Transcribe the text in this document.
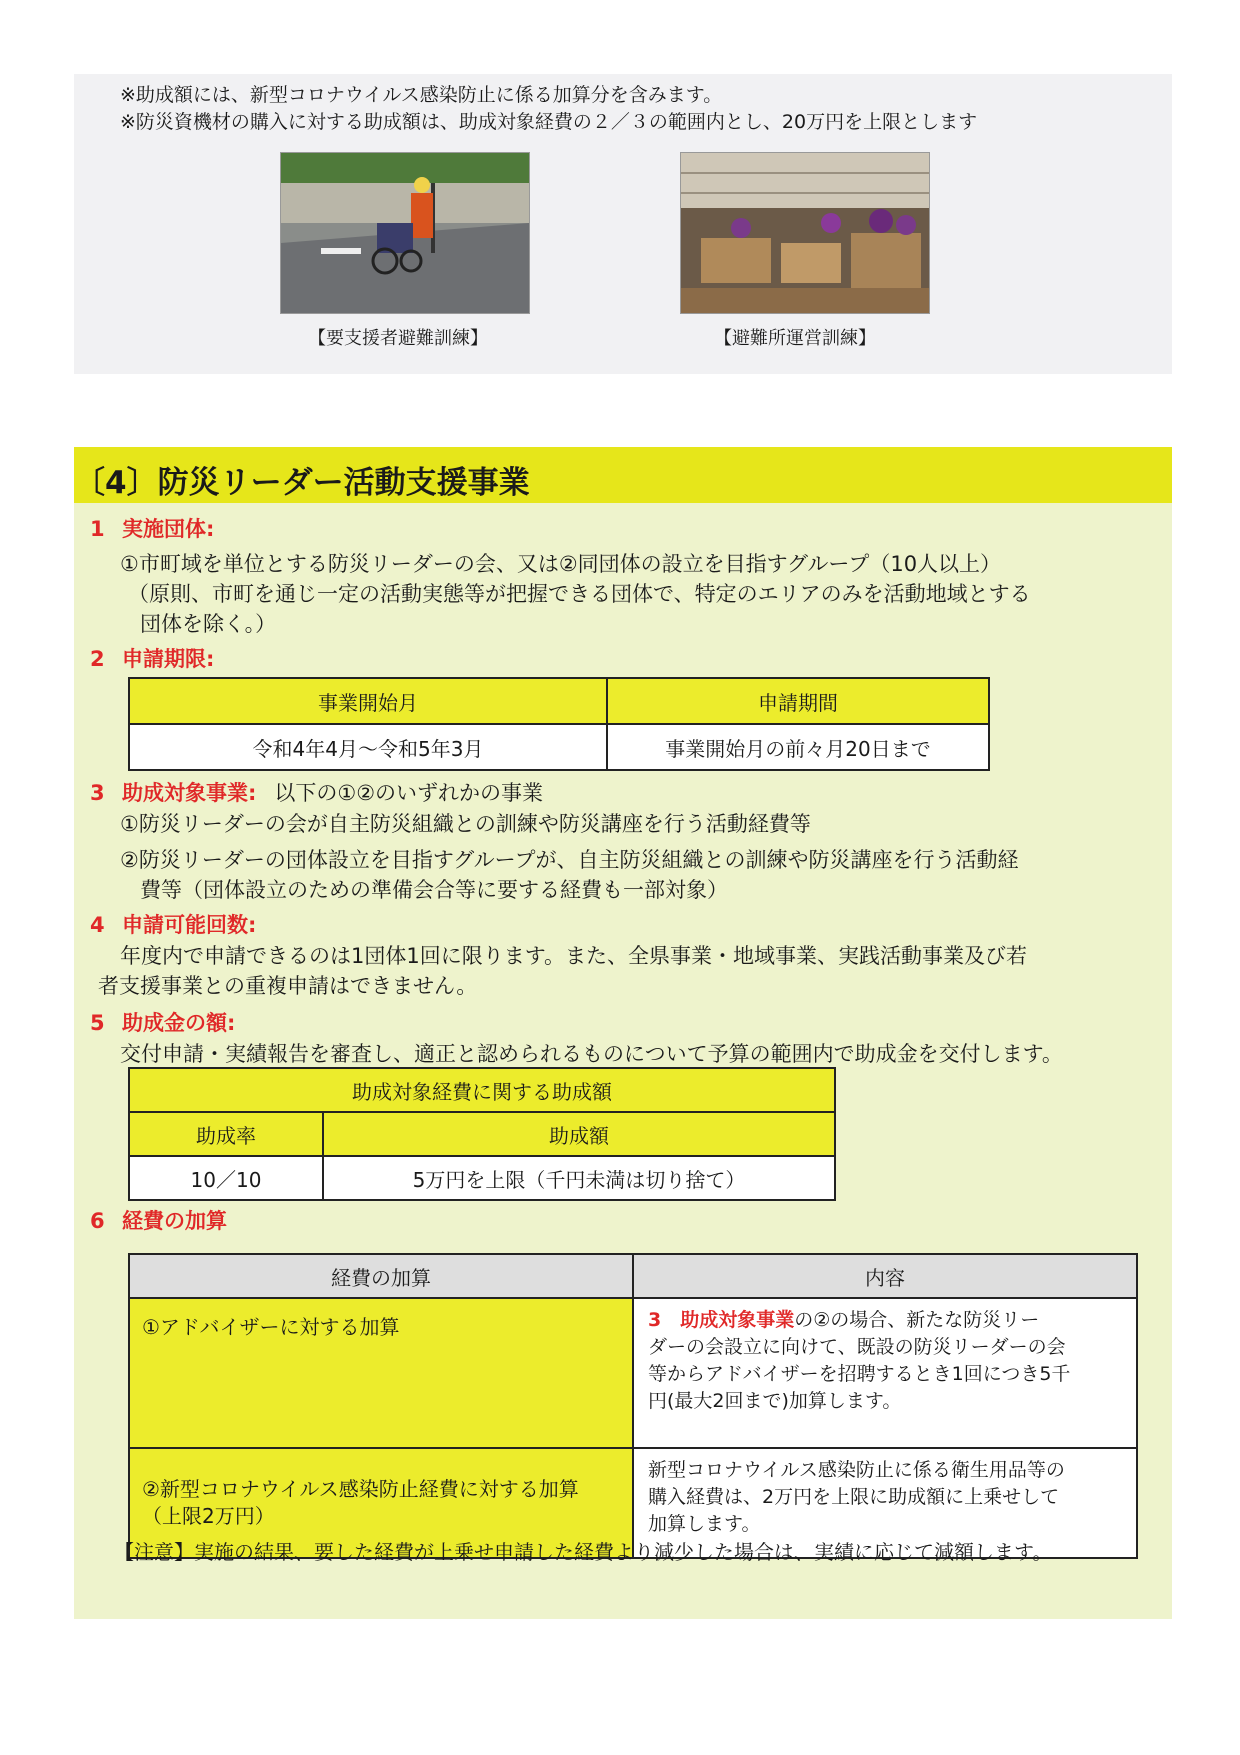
※助成額には、新型コロナウイルス感染防止に係る加算分を含みます。
※防災資機材の購入に対する助成額は、助成対象経費の２／３の範囲内とし、20万円を上限とします
【要支援者避難訓練】	【避難所運営訓練】
〔4〕防災リーダー活動支援事業
1 実施団体:
①市町域を単位とする防災リーダーの会、又は②同団体の設立を目指すグループ（10人以上）
（原則、市町を通じ一定の活動実態等が把握できる団体で、特定のエリアのみを活動地域とする
団体を除く。）
2 申請期限:
事業開始月	申請期間
令和4年4月～令和5年3月	事業開始月の前々月20日まで
3 助成対象事業: 以下の①②のいずれかの事業
①防災リーダーの会が自主防災組織との訓練や防災講座を行う活動経費等
②防災リーダーの団体設立を目指すグループが、自主防災組織との訓練や防災講座を行う活動経
費等（団体設立のための準備会合等に要する経費も一部対象）
4 申請可能回数:
年度内で申請できるのは1団体1回に限ります。また、全県事業・地域事業、実践活動事業及び若
者支援事業との重複申請はできません。
5 助成金の額:
交付申請・実績報告を審査し、適正と認められるものについて予算の範囲内で助成金を交付します。
助成対象経費に関する助成額	
助成率	助成額
10／10	5万円を上限（千円未満は切り捨て）
6 経費の加算
経費の加算	内容
①アドバイザーに対する加算	3　助成対象事業の②の場合、新たな防災リー
ダーの会設立に向けて、既設の防災リーダーの会
等からアドバイザーを招聘するとき1回につき5千
円(最大2回まで)加算します。
②新型コロナウイルス感染防止経費に対する加算
（上限2万円）	新型コロナウイルス感染防止に係る衛生用品等の
購入経費は、2万円を上限に助成額に上乗せして
加算します。
【注意】実施の結果、要した経費が上乗せ申請した経費より減少した場合は、実績に応じて減額します。
